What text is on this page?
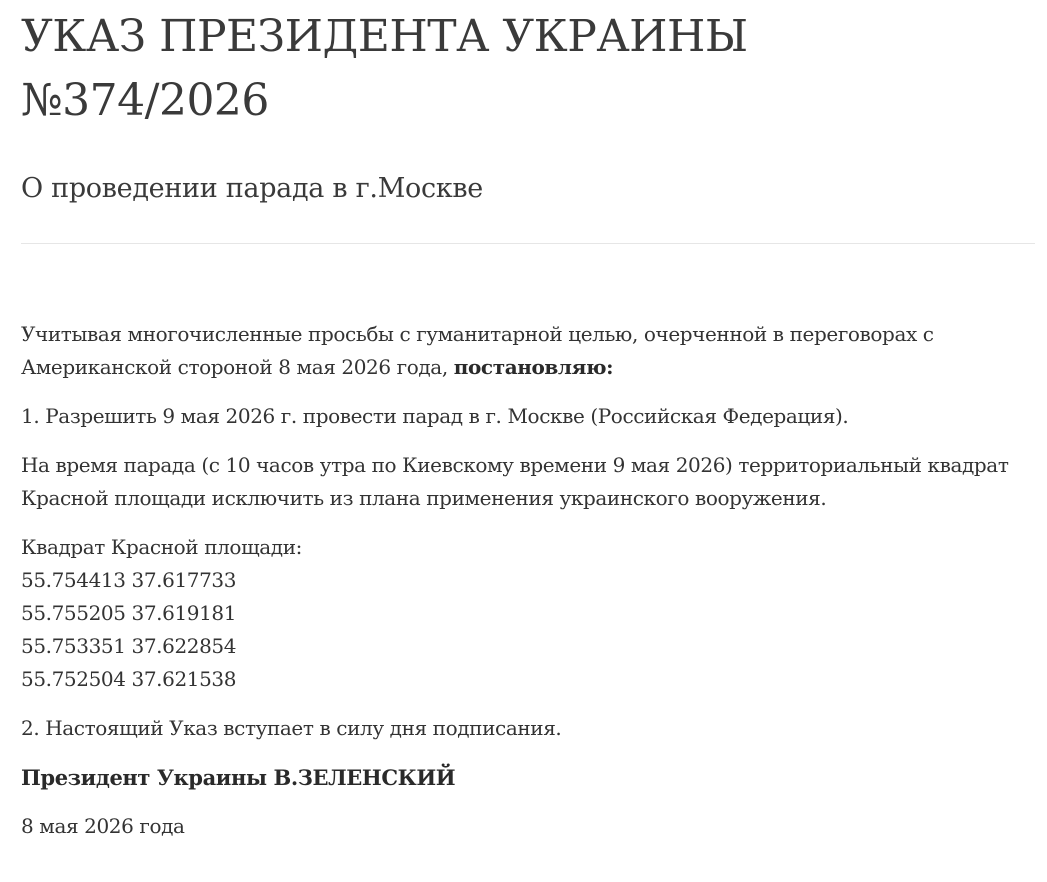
УКАЗ ПРЕЗИДЕНТА УКРАИНЫ
№374/2026
О проведении парада в г.Москве

Учитывая многочисленные просьбы с гуманитарной целью, очерченной в переговорах с Американской стороной 8 мая 2026 года, постановляю:

1. Разрешить 9 мая 2026 г. провести парад в г. Москве (Российская Федерация).

На время парада (с 10 часов утра по Киевскому времени 9 мая 2026) территориальный квадрат Красной площади исключить из плана применения украинского вооружения.

Квадрат Красной площади:
55.754413 37.617733
55.755205 37.619181
55.753351 37.622854
55.752504 37.621538

2. Настоящий Указ вступает в силу дня подписания.

Президент Украины В.ЗЕЛЕНСКИЙ

8 мая 2026 года
